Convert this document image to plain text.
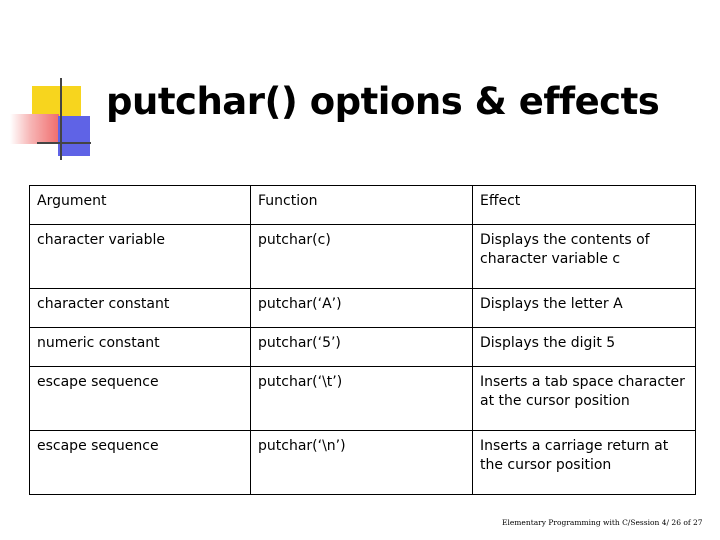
putchar() options & effects
Argument	Function	Effect
character variable	putchar(c)	Displays the contents of character variable c
character constant	putchar(‘A’)	Displays the letter A
numeric constant	putchar(‘5’)	Displays the digit 5
escape sequence	putchar(‘\t’)	Inserts a tab space character at the cursor position
escape sequence	putchar(‘\n’)	Inserts a carriage return at the cursor position
Elementary Programming with C/Session 4/ 26 of 27
